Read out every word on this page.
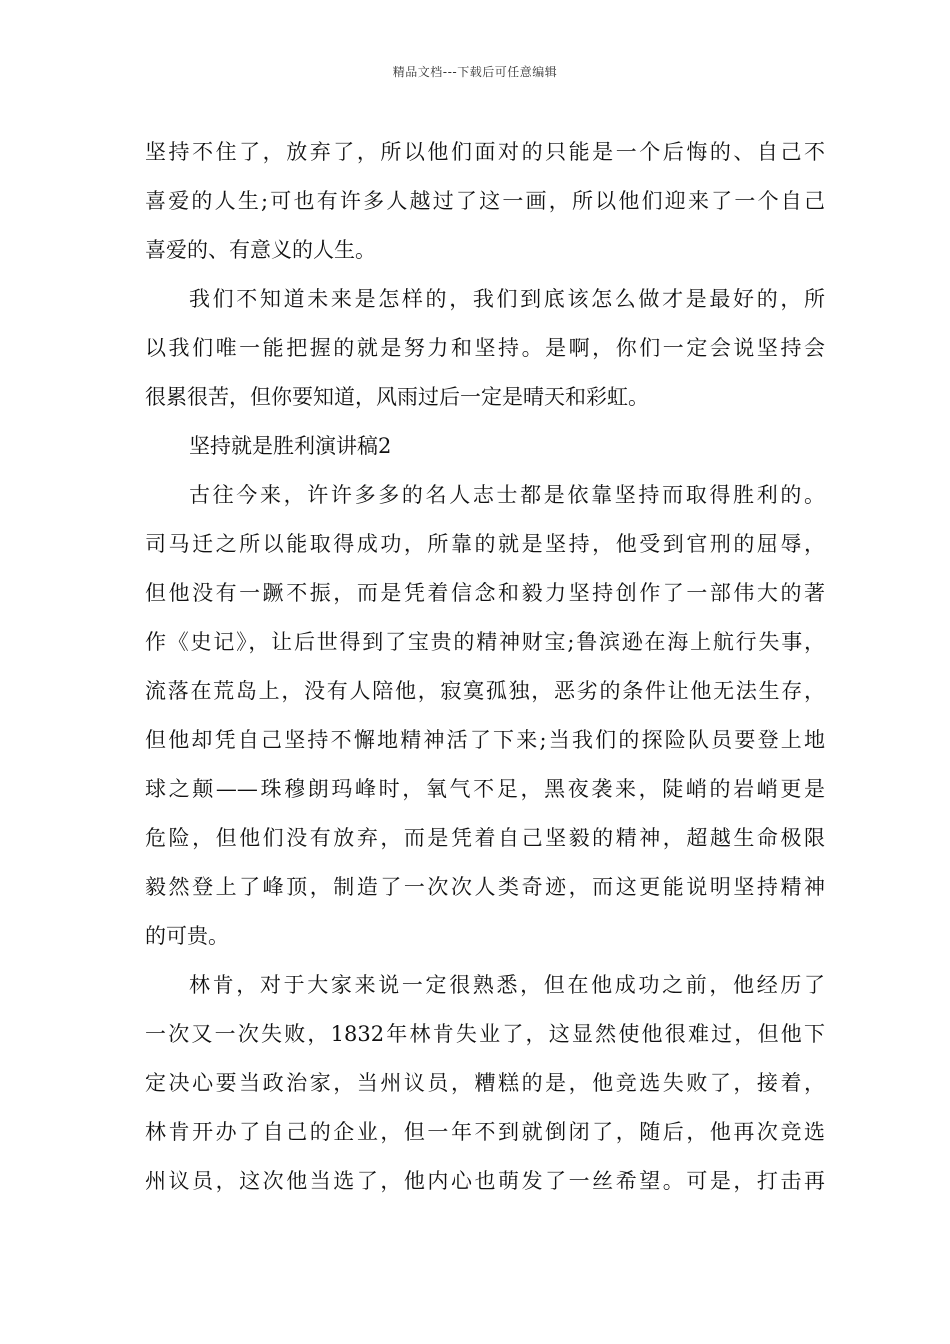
精品文档---下载后可任意编辑
坚持不住了，放弃了，所以他们面对的只能是一个后悔的、自己不
喜爱的人生;可也有许多人越过了这一画，所以他们迎来了一个自己
喜爱的、有意义的人生。
我们不知道未来是怎样的，我们到底该怎么做才是最好的，所
以我们唯一能把握的就是努力和坚持。是啊，你们一定会说坚持会
很累很苦，但你要知道，风雨过后一定是晴天和彩虹。
坚持就是胜利演讲稿2
古往今来，许许多多的名人志士都是依靠坚持而取得胜利的。
司马迁之所以能取得成功，所靠的就是坚持，他受到官刑的屈辱，
但他没有一蹶不振，而是凭着信念和毅力坚持创作了一部伟大的著
作《史记》，让后世得到了宝贵的精神财宝;鲁滨逊在海上航行失事，
流落在荒岛上，没有人陪他，寂寞孤独，恶劣的条件让他无法生存，
但他却凭自己坚持不懈地精神活了下来;当我们的探险队员要登上地
球之颠——珠穆朗玛峰时，氧气不足，黑夜袭来，陡峭的岩峭更是
危险，但他们没有放弃，而是凭着自己坚毅的精神，超越生命极限
毅然登上了峰顶，制造了一次次人类奇迹，而这更能说明坚持精神
的可贵。
林肯，对于大家来说一定很熟悉，但在他成功之前，他经历了
一次又一次失败，1832年林肯失业了，这显然使他很难过，但他下
定决心要当政治家，当州议员，糟糕的是，他竞选失败了，接着，
林肯开办了自己的企业，但一年不到就倒闭了，随后，他再次竞选
州议员，这次他当选了，他内心也萌发了一丝希望。可是，打击再
